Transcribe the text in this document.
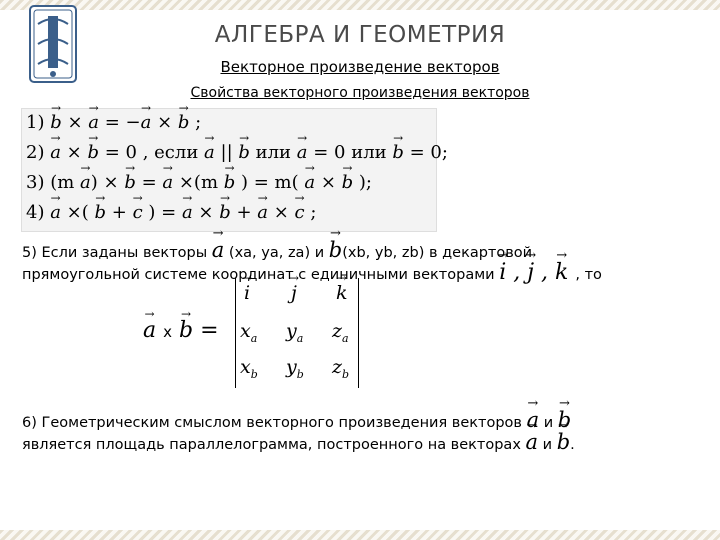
АЛГЕБРА И ГЕОМЕТРИЯ
Векторное произведение векторов
Свойства векторного произведения векторов
1) → b × → a = −→ a × → b ;
2) → a × → b = 0 , если → a || → b или → a = 0 или → b = 0;
3) (m → a) × → b = → a ×(m → b ) = m( → a × → b );
4) → a ×( → b + → c ) = → a × → b + → a × → c ;
5) Если заданы векторы → a (xa, ya, za) и → b(xb, yb, zb) в декартовой
прямоугольной системе координат с единичными векторами → i , → j , → k , то
→ a x → b =
→ i → j → k
$x_a$ $y_a$ $z_a$
$x_b$ $y_b$ $z_b$
6) Геометрическим смыслом векторного произведения векторов → a и → b
является площадь параллелограмма, построенного на векторах → a и → b.
